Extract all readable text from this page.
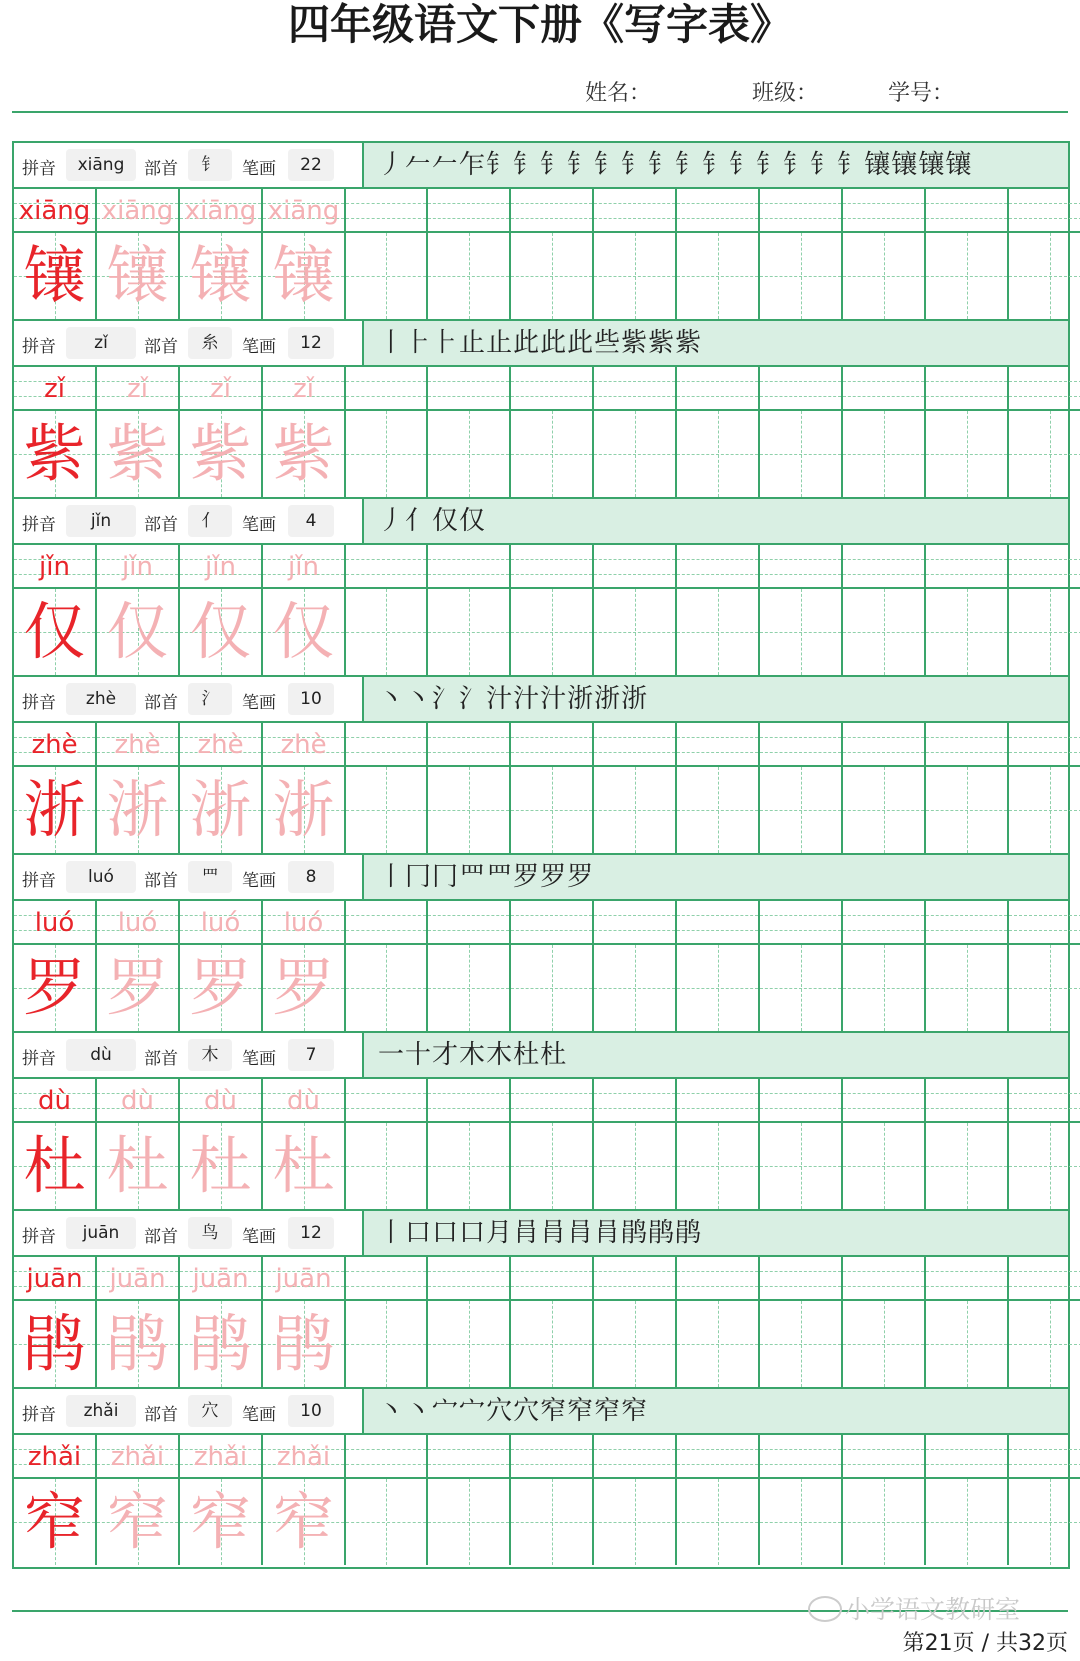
四年级语文下册《写字表》
姓名：	班级：	学号：
拼音	xiāng	部首	钅	笔画	22	丿𠂉𠂉乍钅钅钅钅钅钅钅钅钅钅钅钅钅钅镶镶镶镶
xiāng
镶
xiāng
镶
xiāng
镶
xiāng
镶
拼音	zǐ	部首	糸	笔画	12	丨⺊⺊止止此此此些紫紫紫
zǐ
紫
zǐ
紫
zǐ
紫
zǐ
紫
拼音	jǐn	部首	亻	笔画	4	丿亻仅仅
jǐn
仅
jǐn
仅
jǐn
仅
jǐn
仅
拼音	zhè	部首	氵	笔画	10	丶丶氵氵汁汁汁浙浙浙
zhè
浙
zhè
浙
zhè
浙
zhè
浙
拼音	luó	部首	罒	笔画	8	丨冂冂罒罒罗罗罗
luó
罗
luó
罗
luó
罗
luó
罗
拼音	dù	部首	木	笔画	7	一十才木木杜杜
dù
杜
dù
杜
dù
杜
dù
杜
拼音	juān	部首	鸟	笔画	12	丨口口口月肙肙肙肙鹃鹃鹃
juān
鹃
juān
鹃
juān
鹃
juān
鹃
拼音	zhǎi	部首	穴	笔画	10	丶丶宀宀穴穴窄窄窄窄
zhǎi
窄
zhǎi
窄
zhǎi
窄
zhǎi
窄
小学语文教研室
第21页 / 共32页
